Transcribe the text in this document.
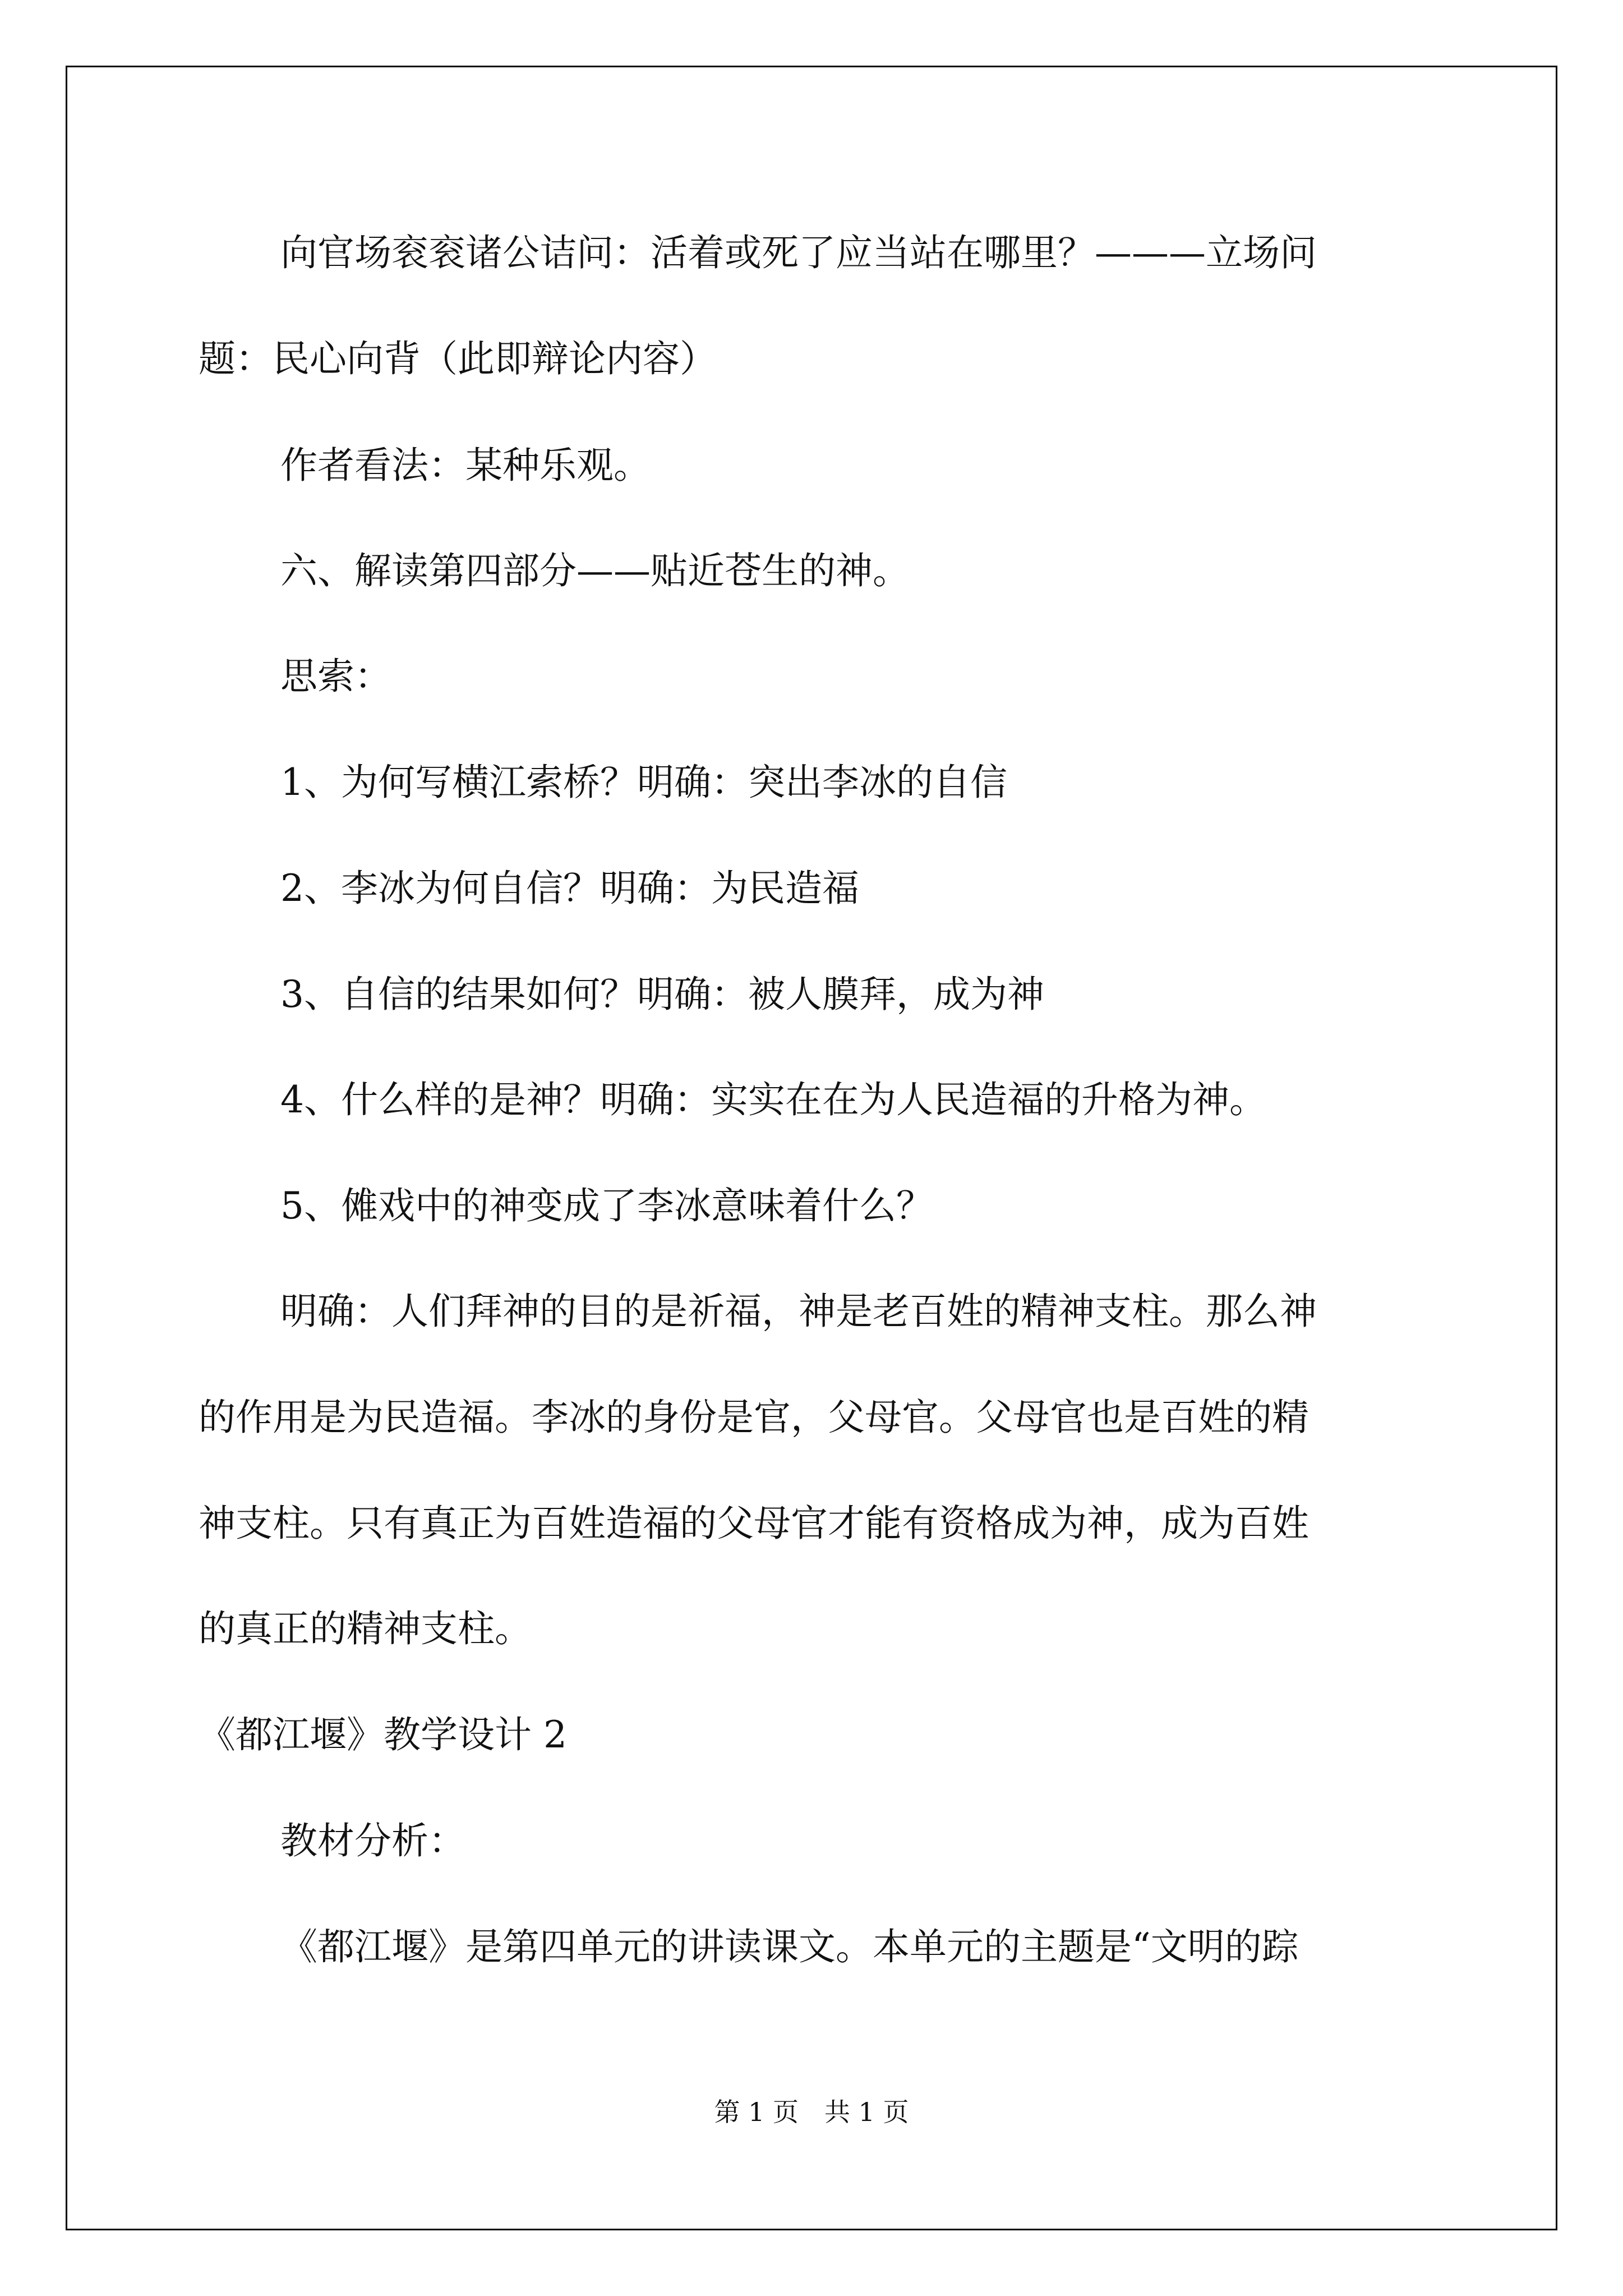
向官场衮衮诸公诘问：活着或死了应当站在哪里？———立场问

题：民心向背（此即辩论内容）

作者看法：某种乐观。

六、解读第四部分——贴近苍生的神。

思索：

1、为何写横江索桥？明确：突出李冰的自信

2、李冰为何自信？明确：为民造福

3、自信的结果如何？明确：被人膜拜，成为神

4、什么样的是神？明确：实实在在为人民造福的升格为神。

5、傩戏中的神变成了李冰意味着什么？

明确：人们拜神的目的是祈福，神是老百姓的精神支柱。那么神

的作用是为民造福。李冰的身份是官，父母官。父母官也是百姓的精

神支柱。只有真正为百姓造福的父母官才能有资格成为神，成为百姓

的真正的精神支柱。

《都江堰》教学设计 2

教材分析：

《都江堰》是第四单元的讲读课文。本单元的主题是“文明的踪

第 1 页　共 1 页
